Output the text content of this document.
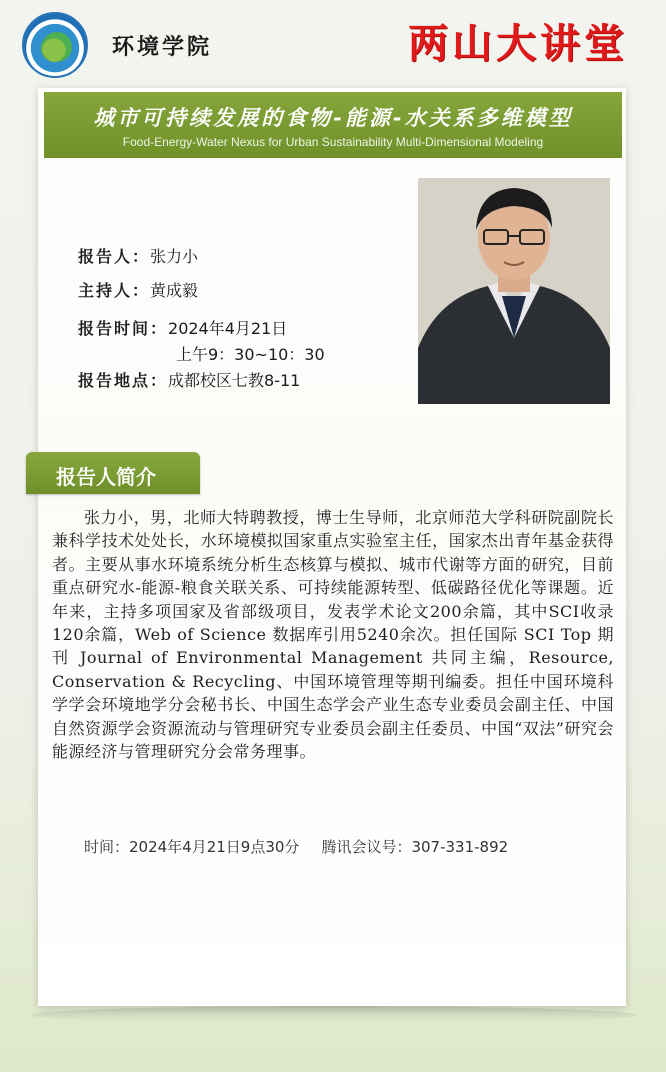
环境学院	两山大讲堂
城市可持续发展的食物-能源-水关系多维模型
Food-Energy-Water Nexus for Urban Sustainability Multi-Dimensional Modeling
报告人：张力小
主持人：黄成毅
报告时间：2024年4月21日
上午9：30~10：30
报告地点：成都校区七教8-11
报告人简介
张力小，男，北师大特聘教授，博士生导师，北京师范大学科研院副院长兼科学技术处处长，水环境模拟国家重点实验室主任，国家杰出青年基金获得者。主要从事水环境系统分析生态核算与模拟、城市代谢等方面的研究，目前重点研究水-能源-粮食关联关系、可持续能源转型、低碳路径优化等课题。近年来，主持多项国家及省部级项目，发表学术论文200余篇，其中SCI收录120余篇，Web of Science 数据库引用5240余次。担任国际 SCI Top 期刊 Journal of Environmental Management 共同主编，Resource, Conservation & Recycling、中国环境管理等期刊编委。担任中国环境科学学会环境地学分会秘书长、中国生态学会产业生态专业委员会副主任、中国自然资源学会资源流动与管理研究专业委员会副主任委员、中国“双法”研究会能源经济与管理研究分会常务理事。
时间：2024年4月21日9点30分 腾讯会议号：307-331-892
